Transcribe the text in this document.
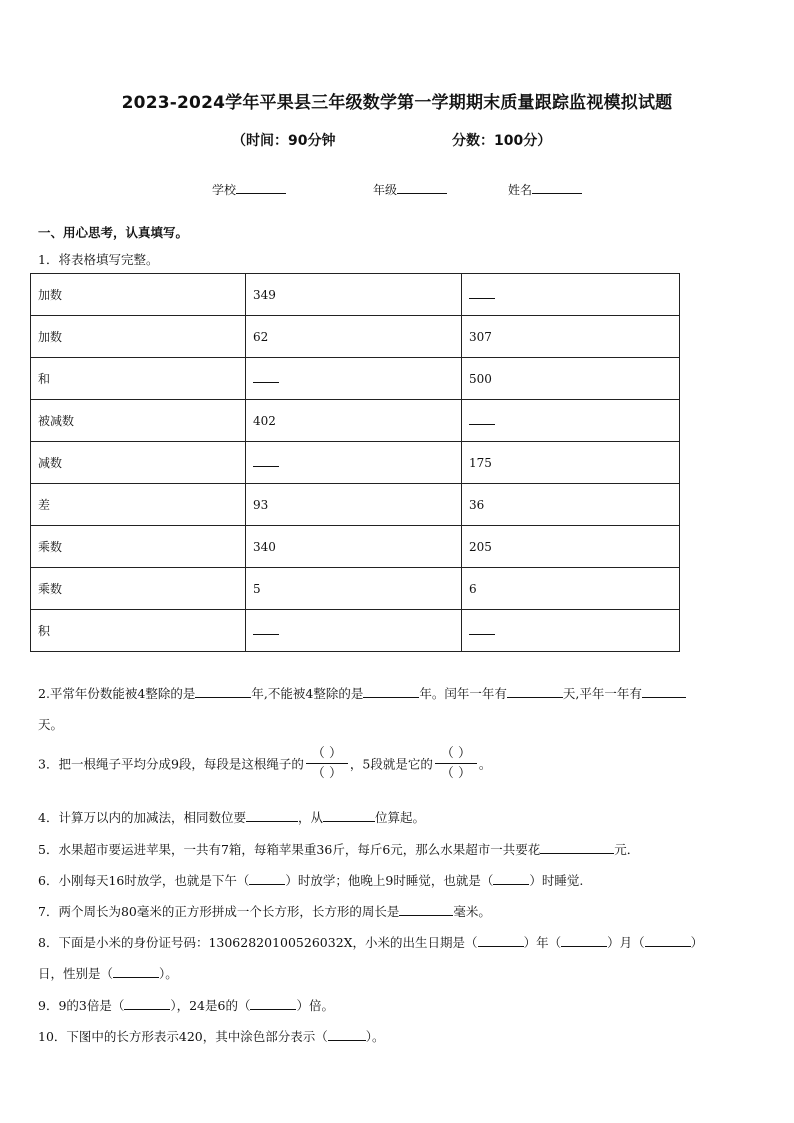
2023-2024学年平果县三年级数学第一学期期末质量跟踪监视模拟试题
（时间：90分钟	分数：100分）
学校	年级	姓名
一、用心思考，认真填写。
1．将表格填写完整。
加数	349	
加数	62	307
和		500
被减数	402	
减数		175
差	93	36
乘数	340	205
乘数	5	6
积		
2.平常年份数能被4整除的是	年,不能被4整除的是	年。闰年一年有	天,平年一年有
天。
3．把一根绳子平均分成9段，每段是这根绳子的 $\frac{( )}{( )}$ ，5段就是它的 $\frac{( )}{( )}$ 。
4．计算万以内的加减法，相同数位要	，从	位算起。
5．水果超市要运进苹果，一共有7箱，每箱苹果重36斤，每斤6元，那么水果超市一共要花	元．
6．小刚每天16时放学，也就是下午（	）时放学；他晚上9时睡觉，也就是（	）时睡觉.
7．两个周长为80毫米的正方形拼成一个长方形，长方形的周长是	毫米。
8．下面是小米的身份证号码：13062820100526032X，小米的出生日期是（	）年（	）月（	）
日，性别是（	）。
9．9的3倍是（	），24是6的（	）倍。
10．下图中的长方形表示420，其中涂色部分表示（	）。
